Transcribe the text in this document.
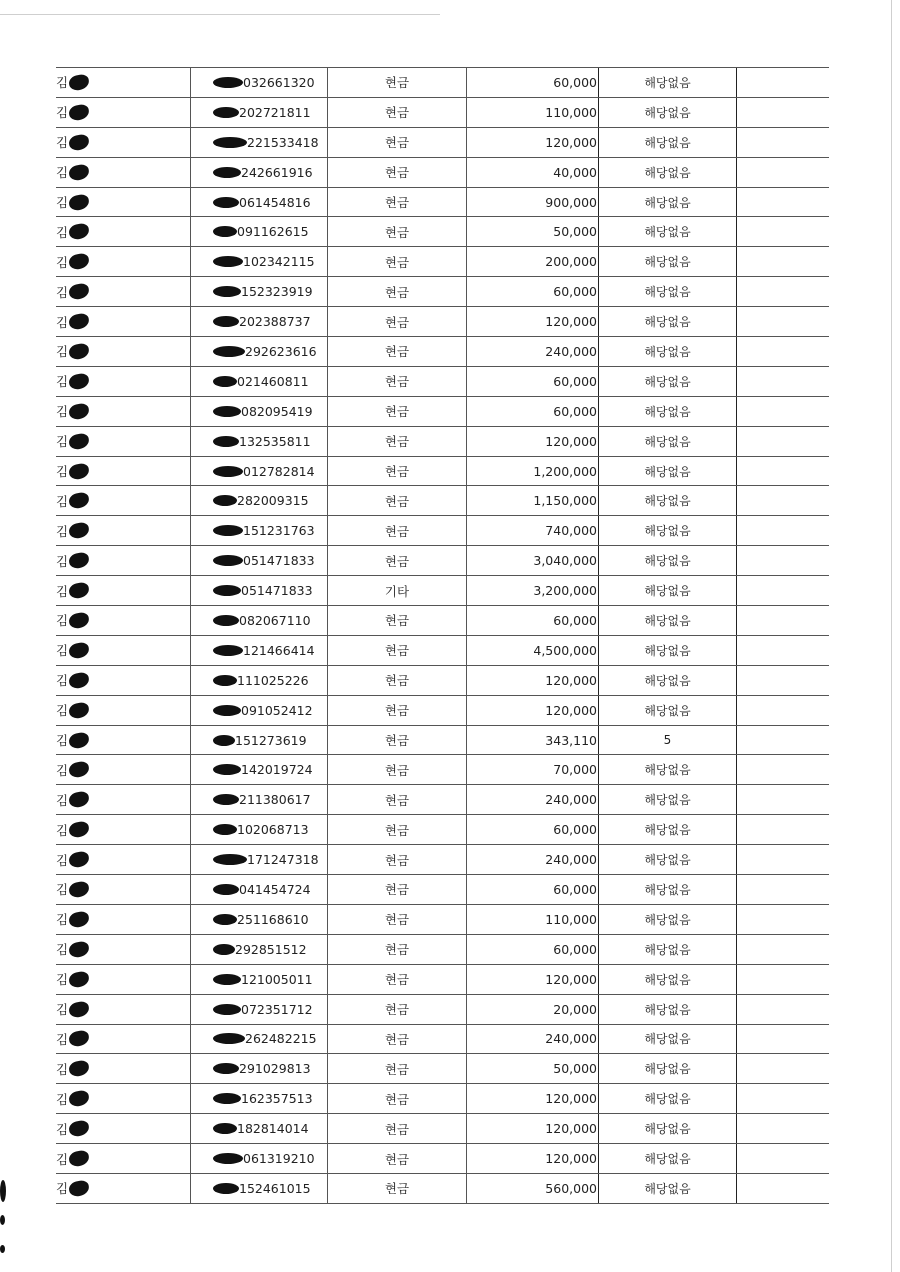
김	032661320	현금	60,000	해당없음
김	202721811	현금	110,000	해당없음
김	221533418	현금	120,000	해당없음
김	242661916	현금	40,000	해당없음
김	061454816	현금	900,000	해당없음
김	091162615	현금	50,000	해당없음
김	102342115	현금	200,000	해당없음
김	152323919	현금	60,000	해당없음
김	202388737	현금	120,000	해당없음
김	292623616	현금	240,000	해당없음
김	021460811	현금	60,000	해당없음
김	082095419	현금	60,000	해당없음
김	132535811	현금	120,000	해당없음
김	012782814	현금	1,200,000	해당없음
김	282009315	현금	1,150,000	해당없음
김	151231763	현금	740,000	해당없음
김	051471833	현금	3,040,000	해당없음
김	051471833	기타	3,200,000	해당없음
김	082067110	현금	60,000	해당없음
김	121466414	현금	4,500,000	해당없음
김	111025226	현금	120,000	해당없음
김	091052412	현금	120,000	해당없음
김	151273619	현금	343,110	5
김	142019724	현금	70,000	해당없음
김	211380617	현금	240,000	해당없음
김	102068713	현금	60,000	해당없음
김	171247318	현금	240,000	해당없음
김	041454724	현금	60,000	해당없음
김	251168610	현금	110,000	해당없음
김	292851512	현금	60,000	해당없음
김	121005011	현금	120,000	해당없음
김	072351712	현금	20,000	해당없음
김	262482215	현금	240,000	해당없음
김	291029813	현금	50,000	해당없음
김	162357513	현금	120,000	해당없음
김	182814014	현금	120,000	해당없음
김	061319210	현금	120,000	해당없음
김	152461015	현금	560,000	해당없음
